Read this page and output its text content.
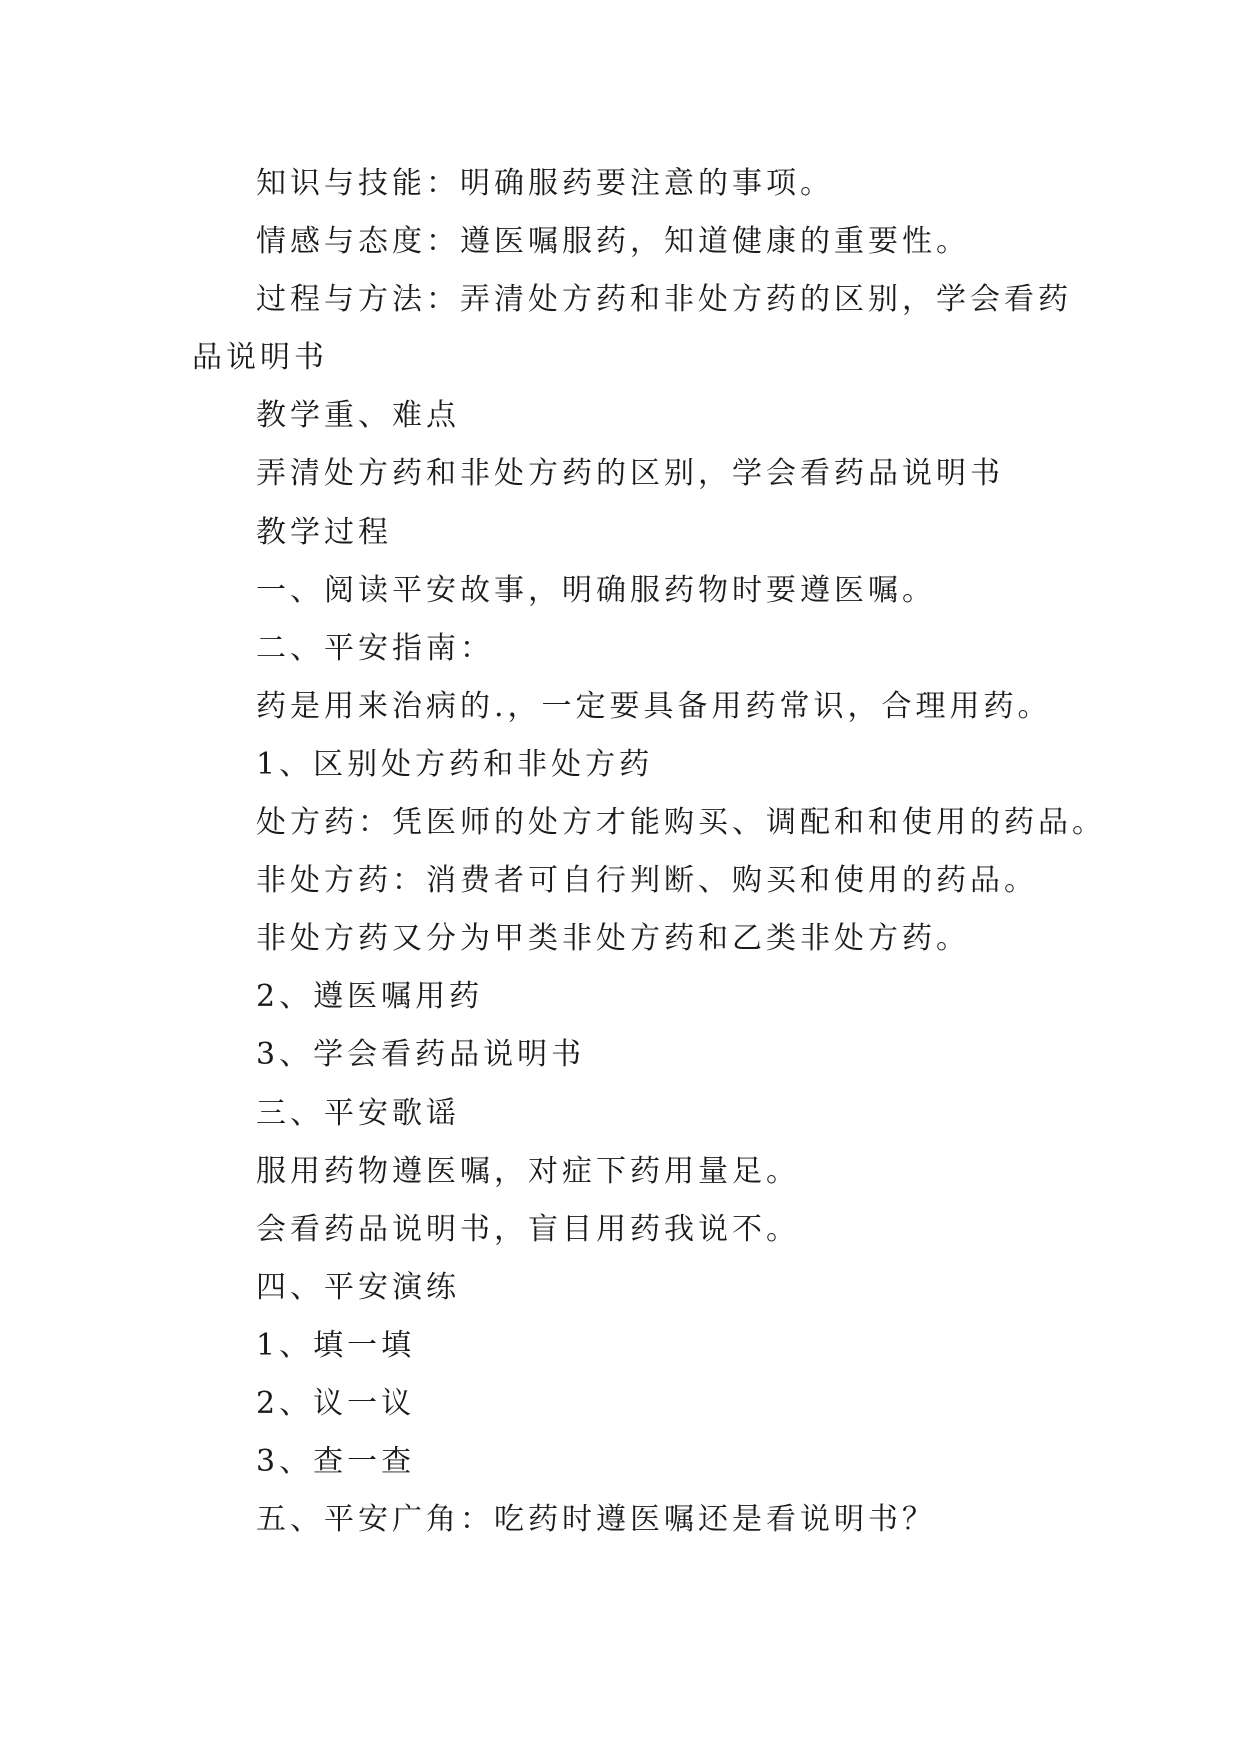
知识与技能：明确服药要注意的事项。
情感与态度：遵医嘱服药，知道健康的重要性。
过程与方法：弄清处方药和非处方药的区别，学会看药
品说明书
教学重、难点
弄清处方药和非处方药的区别，学会看药品说明书
教学过程
一、阅读平安故事，明确服药物时要遵医嘱。
二、平安指南：
药是用来治病的.，一定要具备用药常识，合理用药。
1、区别处方药和非处方药
处方药：凭医师的处方才能购买、调配和和使用的药品。
非处方药：消费者可自行判断、购买和使用的药品。
非处方药又分为甲类非处方药和乙类非处方药。
2、遵医嘱用药
3、学会看药品说明书
三、平安歌谣
服用药物遵医嘱，对症下药用量足。
会看药品说明书，盲目用药我说不。
四、平安演练
1、填一填
2、议一议
3、查一查
五、平安广角：吃药时遵医嘱还是看说明书？
